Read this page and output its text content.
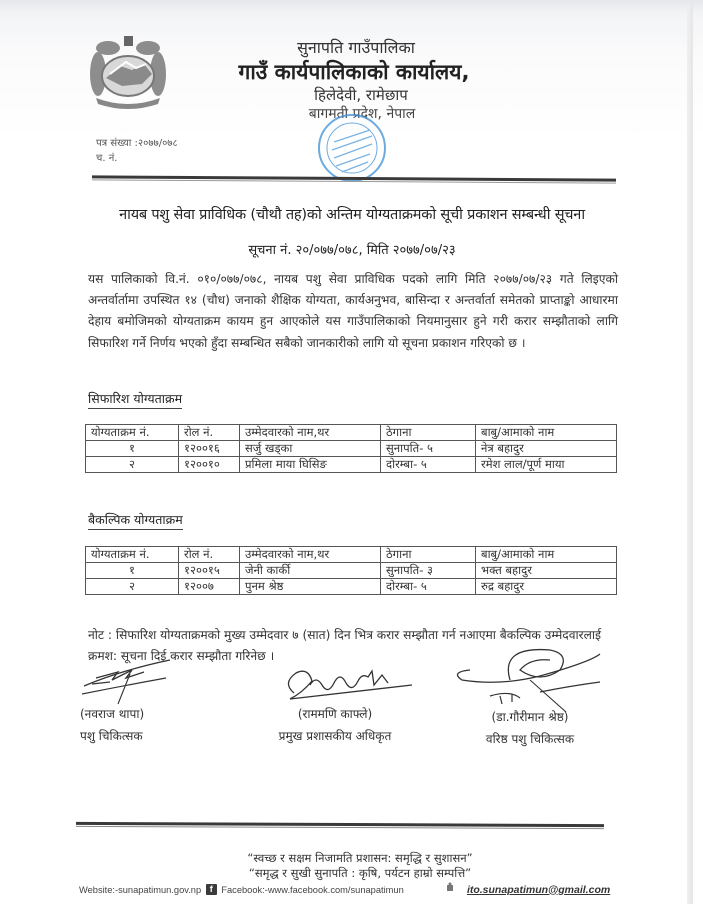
सुनापति गाउँपालिका
गाउँ कार्यपालिकाको कार्यालय,
हिलेदेवी, रामेछाप
बागमती प्रदेश, नेपाल
पत्र संख्या :२०७७/०७८
च. नं.
नायब पशु सेवा प्राविधिक (चौथौ तह)को अन्तिम योग्यताक्रमको सूची प्रकाशन सम्बन्धी सूचना
सूचना नं. २०/०७७/०७८, मिति २०७७/०७/२३
यस पालिकाको वि.नं. ०१०/०७७/०७८, नायब पशु सेवा प्राविधिक पदको लागि मिति २०७७/०७/२३ गते लिइएको अन्तर्वार्तामा उपस्थित १४ (चौध) जनाको शैक्षिक योग्यता, कार्यअनुभव, बासिन्दा र अन्तर्वार्ता समेतको प्राप्ताङ्को आधारमा देहाय बमोजिमको योग्यताक्रम कायम हुन आएकोले यस गाउँपालिकाको नियमानुसार हुने गरी करार सम्झौताको लागि सिफारिश गर्ने निर्णय भएको हुँदा सम्बन्धित सबैको जानकारीको लागि यो सूचना प्रकाशन गरिएको छ ।
सिफारिश योग्यताक्रम
योग्यताक्रम नं.	रोल नं.	उम्मेदवारको नाम,थर	ठेगाना	बाबु/आमाको नाम
१	१२००१६	सर्जु खड्का	सुनापति- ५	नेत्र बहादुर
२	१२००१०	प्रमिला माया घिसिङ	दोरम्बा- ५	रमेश लाल/पूर्ण माया
बैकल्पिक योग्यताक्रम
योग्यताक्रम नं.	रोल नं.	उम्मेदवारको नाम,थर	ठेगाना	बाबु/आमाको नाम
१	१२००१५	जेनी कार्की	सुनापति- ३	भक्त बहादुर
२	१२००७	पुनम श्रेष्ठ	दोरम्बा- ५	रुद्र बहादुर
नोट : सिफारिश योग्यताक्रमको मुख्य उम्मेदवार ७ (सात) दिन भित्र करार सम्झौता गर्न नआएमा बैकल्पिक उम्मेदवारलाई क्रमश: सूचना दिई करार सम्झौता गरिनेछ ।
(नवराज थापा)
पशु चिकित्सक
(राममणि काफ्ले)
प्रमुख प्रशासकीय अधिकृत
(डा.गौरीमान श्रेष्ठ)
वरिष्ठ पशु चिकित्सक
“स्वच्छ र सक्षम निजामति प्रशासन: समृद्धि र सुशासन”
“समृद्ध र सुखी सुनापति : कृषि, पर्यटन हाम्रो सम्पत्ति”
Website:-sunapatimun.gov.np f Facebook:-www.facebook.com/sunapatimun	ito.sunapatimun@gmail.com
